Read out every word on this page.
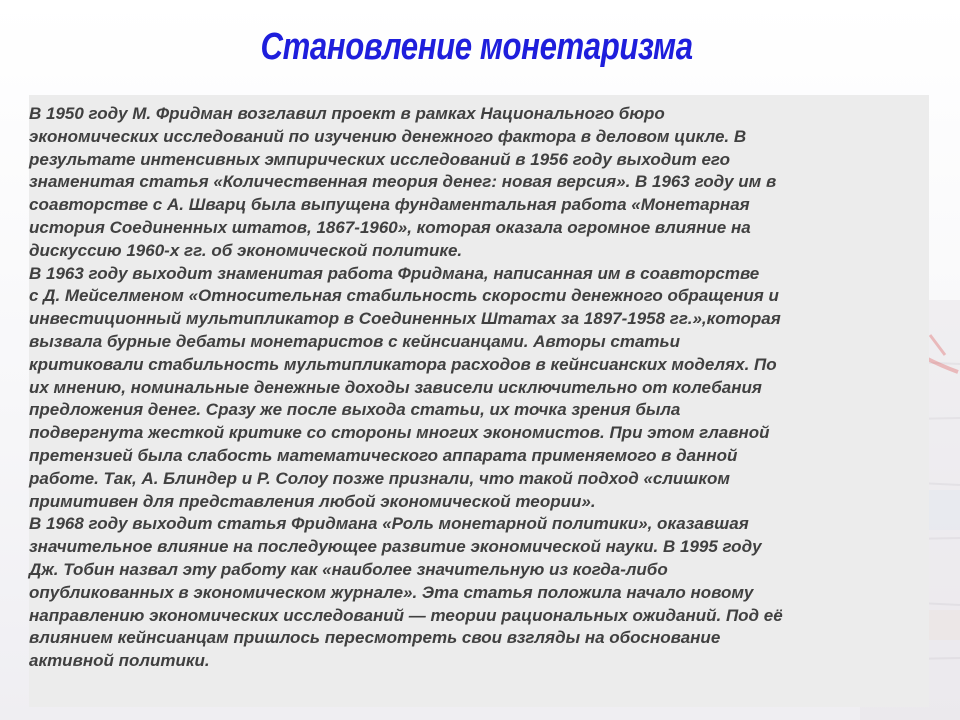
Становление монетаризма
В 1950 году М. Фридман возглавил проект в рамках Национального бюро
экономических исследований по изучению денежного фактора в деловом цикле. В
результате интенсивных эмпирических исследований в 1956 году выходит его
знаменитая статья «Количественная теория денег: новая версия». В 1963 году им в
соавторстве с А. Шварц была выпущена фундаментальная работа «Монетарная
история Соединенных штатов, 1867-1960», которая оказала огромное влияние на
дискуссию 1960-х гг. об экономической политике.
В 1963 году выходит знаменитая работа Фридмана, написанная им в соавторстве
с Д. Мейселменом «Относительная стабильность скорости денежного обращения и
инвестиционный мультипликатор в Соединенных Штатах за 1897-1958 гг.»,которая
вызвала бурные дебаты монетаристов с кейнсианцами. Авторы статьи
критиковали стабильность мультипликатора расходов в кейнсианских моделях. По
их мнению, номинальные денежные доходы зависели исключительно от колебания
предложения денег. Сразу же после выхода статьи, их точка зрения была
подвергнута жесткой критике со стороны многих экономистов. При этом главной
претензией была слабость математического аппарата применяемого в данной
работе. Так, А. Блиндер и Р. Солоу позже признали, что такой подход «слишком
примитивен для представления любой экономической теории».
В 1968 году выходит статья Фридмана «Роль монетарной политики», оказавшая
значительное влияние на последующее развитие экономической науки. В 1995 году
Дж. Тобин назвал эту работу как «наиболее значительную из когда-либо
опубликованных в экономическом журнале». Эта статья положила начало новому
направлению экономических исследований — теории рациональных ожиданий. Под её
влиянием кейнсианцам пришлось пересмотреть свои взгляды на обоснование
активной политики.
